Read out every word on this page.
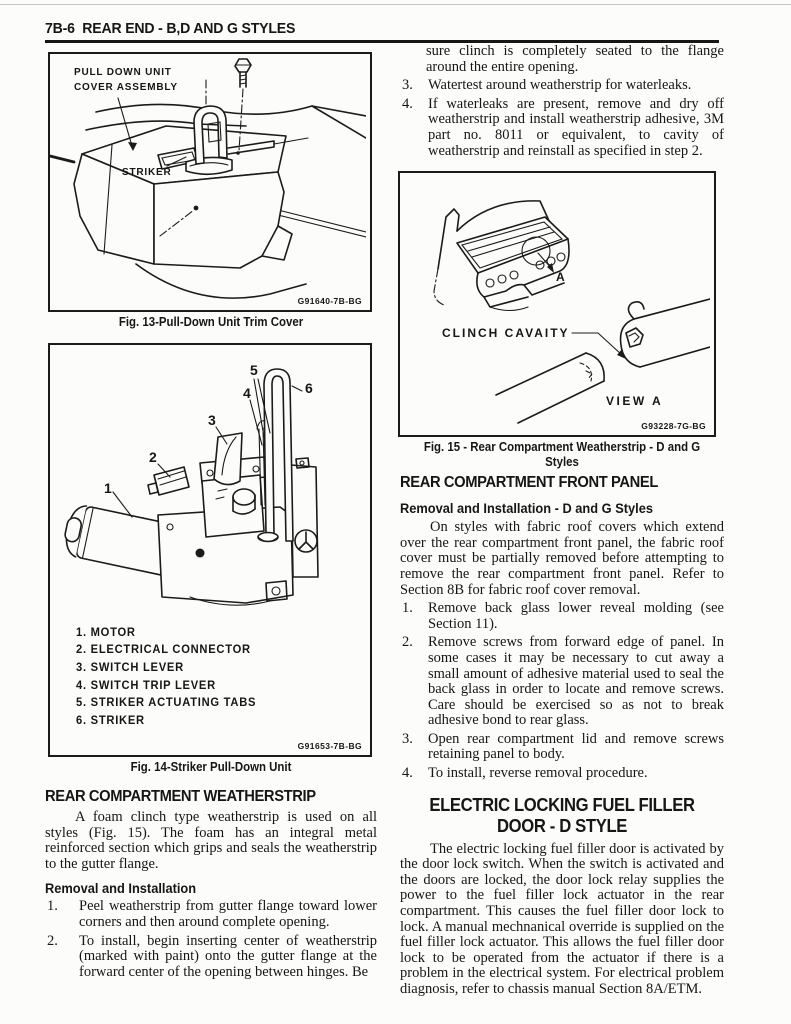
7B-6  REAR END - B,D AND G STYLES
PULL DOWN UNIT
COVER ASSEMBLY
STRIKER
G91640-7B-BG
Fig. 13-Pull-Down Unit Trim Cover
1
2
3
4
5
6
1. MOTOR
2. ELECTRICAL CONNECTOR
3. SWITCH LEVER
4. SWITCH TRIP LEVER
5. STRIKER ACTUATING TABS
6. STRIKER
G91653-7B-BG
Fig. 14-Striker Pull-Down Unit
REAR COMPARTMENT WEATHERSTRIP

A foam clinch type weatherstrip is used on all styles (Fig. 15). The foam has an integral metal reinforced section which grips and seals the weatherstrip to the gutter flange.

Removal and Installation
1.	Peel weatherstrip from gutter flange toward lower corners and then around complete opening.
2.	To install, begin inserting center of weatherstrip (marked with paint) onto the gutter flange at the forward center of the opening between hinges. Be

sure clinch is completely seated to the flange around the entire opening.

3.	Watertest around weatherstrip for waterleaks.
4.	If waterleaks are present, remove and dry off weatherstrip and install weatherstrip adhesive, 3M part no. 8011 or equivalent, to cavity of weatherstrip and reinstall as specified in step 2.
A
CLINCH CAVAITY
VIEW A
G93228-7G-BG
Fig. 15 - Rear Compartment Weatherstrip - D and G
Styles
REAR COMPARTMENT FRONT PANEL
Removal and Installation - D and G Styles

On styles with fabric roof covers which extend over the rear compartment front panel, the fabric roof cover must be partially removed before attempting to remove the rear compartment front panel. Refer to Section 8B for fabric roof cover removal.

1.	Remove back glass lower reveal molding (see Section 11).
2.	Remove screws from forward edge of panel. In some cases it may be necessary to cut away a small amount of adhesive material used to seal the back glass in order to locate and remove screws. Care should be exercised so as not to break adhesive bond to rear glass.
3.	Open rear compartment lid and remove screws retaining panel to body.
4.	To install, reverse removal procedure.
ELECTRIC LOCKING FUEL FILLER
DOOR - D STYLE

The electric locking fuel filler door is activated by the door lock switch. When the switch is activated and the doors are locked, the door lock relay supplies the power to the fuel filler lock actuator in the rear compartment. This causes the fuel filler door lock to lock. A manual mechnanical override is supplied on the fuel filler lock actuator. This allows the fuel filler door lock to be operated from the actuator if there is a problem in the electrical system. For electrical problem diagnosis, refer to chassis manual Section 8A/ETM.
